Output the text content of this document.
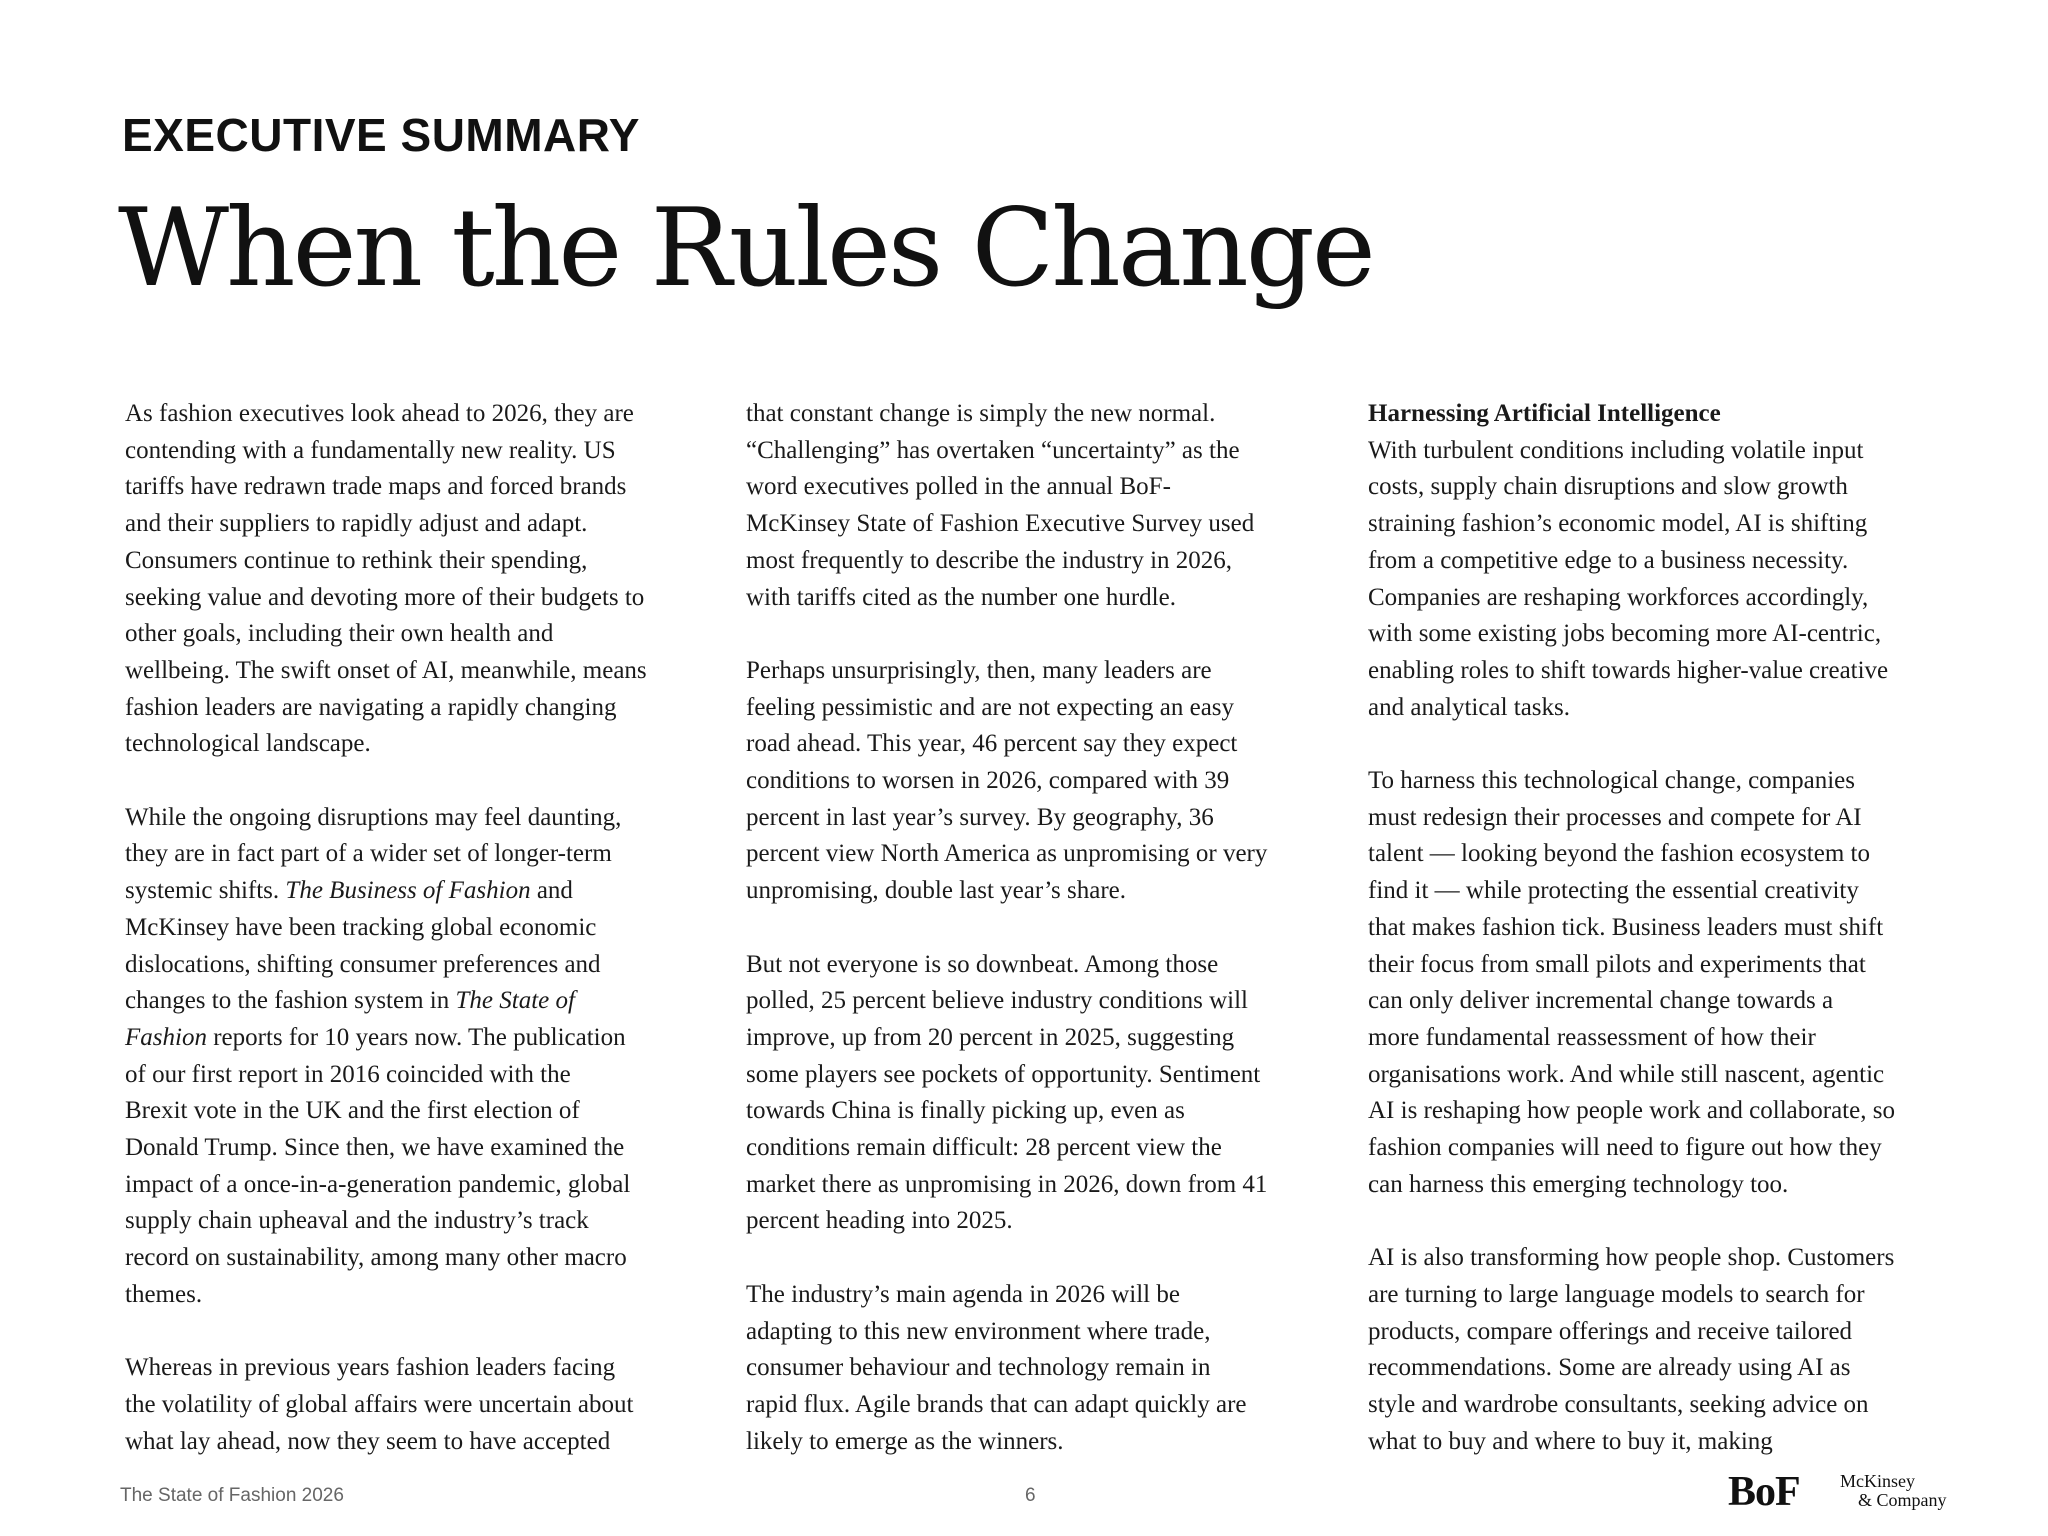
EXECUTIVE SUMMARY
When the Rules Change

As fashion executives look ahead to 2026, they are
contending with a fundamentally new reality. US
tariffs have redrawn trade maps and forced brands
and their suppliers to rapidly adjust and adapt.
Consumers continue to rethink their spending,
seeking value and devoting more of their budgets to
other goals, including their own health and
wellbeing. The swift onset of AI, meanwhile, means
fashion leaders are navigating a rapidly changing
technological landscape.

While the ongoing disruptions may feel daunting,
they are in fact part of a wider set of longer-term
systemic shifts. The Business of Fashion and
McKinsey have been tracking global economic
dislocations, shifting consumer preferences and
changes to the fashion system in The State of
Fashion reports for 10 years now. The publication
of our first report in 2016 coincided with the
Brexit vote in the UK and the first election of
Donald Trump. Since then, we have examined the
impact of a once-in-a-generation pandemic, global
supply chain upheaval and the industry’s track
record on sustainability, among many other macro
themes.

Whereas in previous years fashion leaders facing
the volatility of global affairs were uncertain about
what lay ahead, now they seem to have accepted

that constant change is simply the new normal.
“Challenging” has overtaken “uncertainty” as the
word executives polled in the annual BoF-
McKinsey State of Fashion Executive Survey used
most frequently to describe the industry in 2026,
with tariffs cited as the number one hurdle.

Perhaps unsurprisingly, then, many leaders are
feeling pessimistic and are not expecting an easy
road ahead. This year, 46 percent say they expect
conditions to worsen in 2026, compared with 39
percent in last year’s survey. By geography, 36
percent view North America as unpromising or very
unpromising, double last year’s share.

But not everyone is so downbeat. Among those
polled, 25 percent believe industry conditions will
improve, up from 20 percent in 2025, suggesting
some players see pockets of opportunity. Sentiment
towards China is finally picking up, even as
conditions remain difficult: 28 percent view the
market there as unpromising in 2026, down from 41
percent heading into 2025.

The industry’s main agenda in 2026 will be
adapting to this new environment where trade,
consumer behaviour and technology remain in
rapid flux. Agile brands that can adapt quickly are
likely to emerge as the winners.

Harnessing Artificial Intelligence
With turbulent conditions including volatile input
costs, supply chain disruptions and slow growth
straining fashion’s economic model, AI is shifting
from a competitive edge to a business necessity.
Companies are reshaping workforces accordingly,
with some existing jobs becoming more AI-centric,
enabling roles to shift towards higher-value creative
and analytical tasks.

To harness this technological change, companies
must redesign their processes and compete for AI
talent — looking beyond the fashion ecosystem to
find it — while protecting the essential creativity
that makes fashion tick. Business leaders must shift
their focus from small pilots and experiments that
can only deliver incremental change towards a
more fundamental reassessment of how their
organisations work. And while still nascent, agentic
AI is reshaping how people work and collaborate, so
fashion companies will need to figure out how they
can harness this emerging technology too.

AI is also transforming how people shop. Customers
are turning to large language models to search for
products, compare offerings and receive tailored
recommendations. Some are already using AI as
style and wardrobe consultants, seeking advice on
what to buy and where to buy it, making

The State of Fashion 2026	6	BoF McKinsey
& Company
